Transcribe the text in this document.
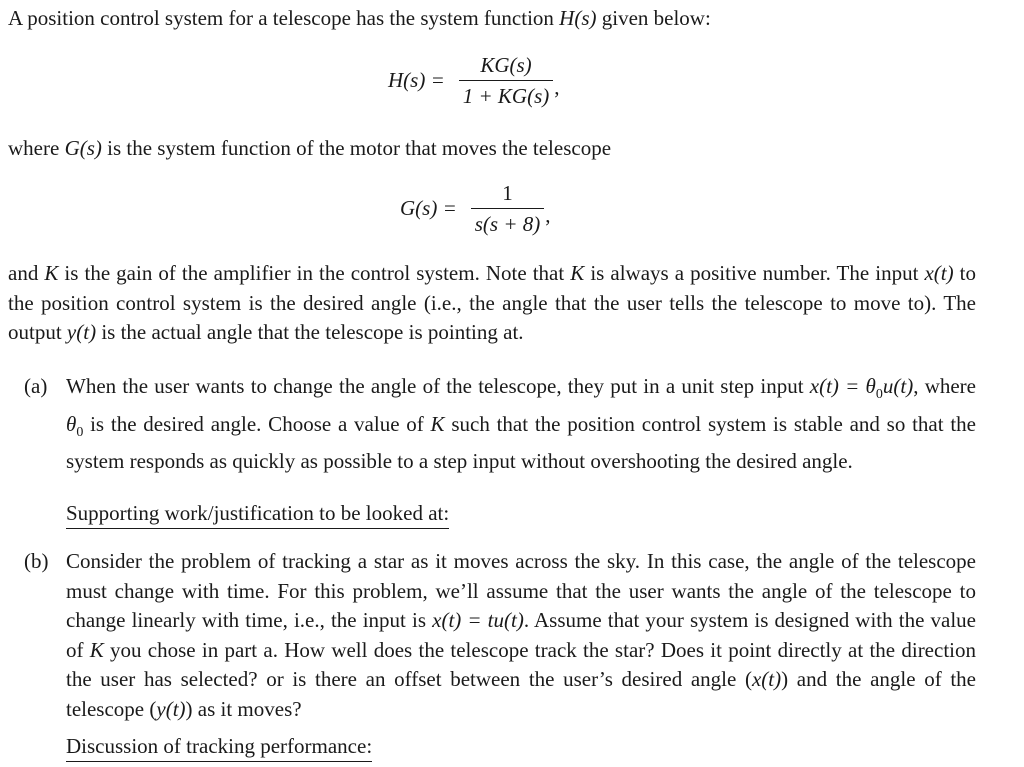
A position control system for a telescope has the system function H(s) given below:
$H(s) = \frac{KG(s)}{1 + KG(s)}$ ,
where G(s) is the system function of the motor that moves the telescope
$G(s) = \frac{1}{s(s + 8)}$ ,
and K is the gain of the amplifier in the control system. Note that K is always a positive number. The input x(t) to the position control system is the desired angle (i.e., the angle that the user tells the telescope to move to). The output y(t) is the actual angle that the telescope is pointing at.
(a) When the user wants to change the angle of the telescope, they put in a unit step input $x(t) = \theta_0u(t)$, where $\theta_0$ is the desired angle. Choose a value of K such that the position control system is stable and so that the system responds as quickly as possible to a step input without overshooting the desired angle.
Supporting work/justification to be looked at:
(b) Consider the problem of tracking a star as it moves across the sky. In this case, the angle of the telescope must change with time. For this problem, we’ll assume that the user wants the angle of the telescope to change linearly with time, i.e., the input is x(t) = tu(t). Assume that your system is designed with the value of K you chose in part a. How well does the telescope track the star? Does it point directly at the direction the user has selected? or is there an offset between the user’s desired angle (x(t)) and the angle of the telescope (y(t)) as it moves?
Discussion of tracking performance:
